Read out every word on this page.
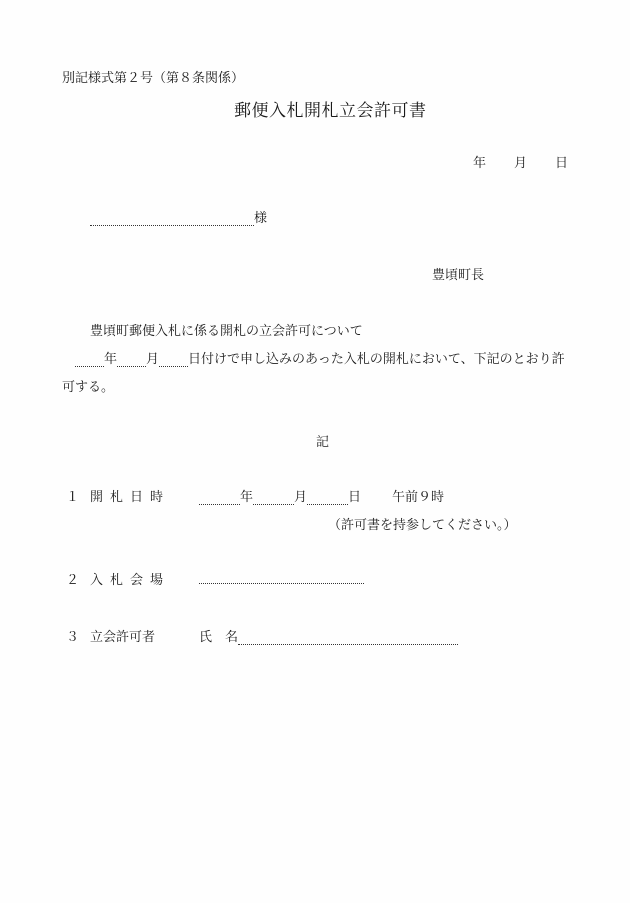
別記様式第２号（第８条関係）
郵便入札開札立会許可書
年 月 日
様
豊頃町長
豊頃町郵便入札に係る開札の立会許可について
年 月 日付けで申し込みのあった入札の開札において、下記のとおり許
可する。
記
１ 開札日時	年	月	日 午前９時
（許可書を持参してください。）
２ 入札会場
３ 立会許可者	氏　名
